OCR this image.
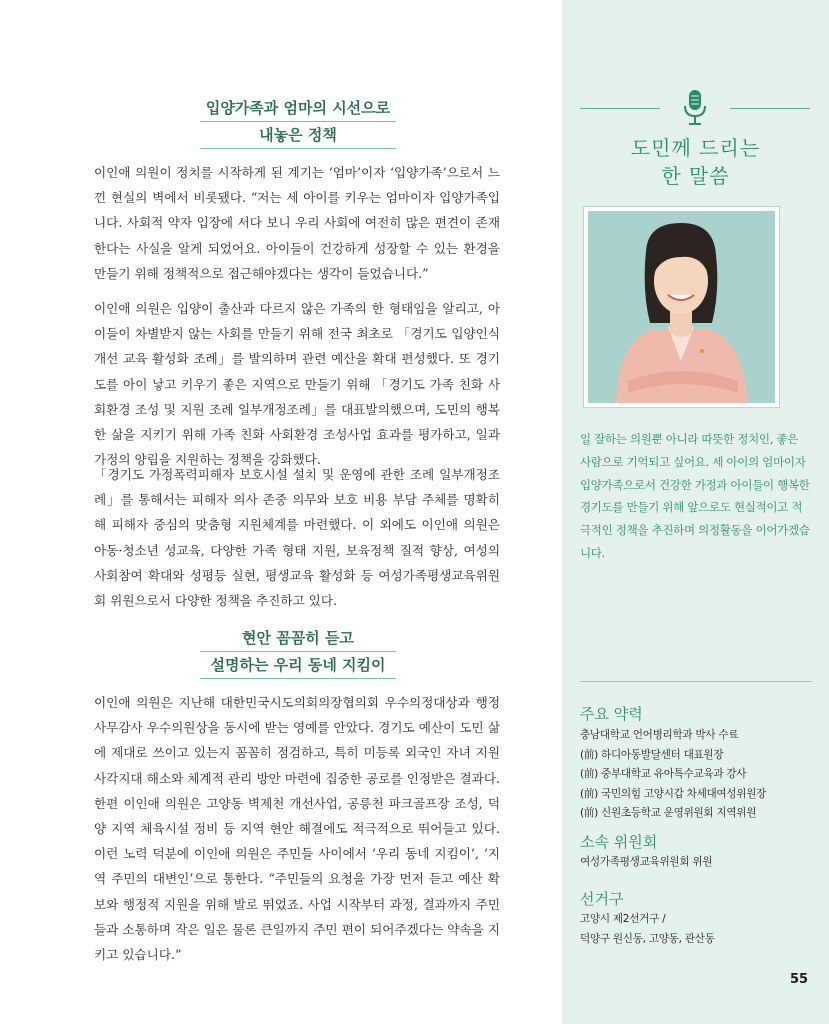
입양가족과 엄마의 시선으로
내놓은 정책

이인애 의원이 정치를 시작하게 된 계기는 ‘엄마’이자 ‘입양가족’으로서 느낀 현실의 벽에서 비롯됐다. “저는 세 아이를 키우는 엄마이자 입양가족입니다. 사회적 약자 입장에 서다 보니 우리 사회에 여전히 많은 편견이 존재한다는 사실을 알게 되었어요. 아이들이 건강하게 성장할 수 있는 환경을 만들기 위해 정책적으로 접근해야겠다는 생각이 들었습니다.”

이인애 의원은 입양이 출산과 다르지 않은 가족의 한 형태임을 알리고, 아이들이 차별받지 않는 사회를 만들기 위해 전국 최초로 「경기도 입양인식 개선 교육 활성화 조례」를 발의하며 관련 예산을 확대 편성했다. 또 경기도를 아이 낳고 키우기 좋은 지역으로 만들기 위해 「경기도 가족 친화 사회환경 조성 및 지원 조례 일부개정조례」를 대표발의했으며, 도민의 행복한 삶을 지키기 위해 가족 친화 사회환경 조성사업 효과를 평가하고, 일과 가정의 양립을 지원하는 정책을 강화했다.

「경기도 가정폭력피해자 보호시설 설치 및 운영에 관한 조례 일부개정조례」를 통해서는 피해자 의사 존중 의무와 보호 비용 부담 주체를 명확히 해 피해자 중심의 맞춤형 지원체계를 마련했다. 이 외에도 이인애 의원은 아동·청소년 성교육, 다양한 가족 형태 지원, 보육정책 질적 향상, 여성의 사회참여 확대와 성평등 실현, 평생교육 활성화 등 여성가족평생교육위원회 위원으로서 다양한 정책을 추진하고 있다.

현안 꼼꼼히 듣고
설명하는 우리 동네 지킴이

이인애 의원은 지난해 대한민국시도의회의장협의회 우수의정대상과 행정사무감사 우수의원상을 동시에 받는 영예를 안았다. 경기도 예산이 도민 삶에 제대로 쓰이고 있는지 꼼꼼히 점검하고, 특히 미등록 외국인 자녀 지원 사각지대 해소와 체계적 관리 방안 마련에 집중한 공로를 인정받은 결과다. 한편 이인애 의원은 고양동 벽제천 개선사업, 공릉천 파크골프장 조성, 덕양 지역 체육시설 정비 등 지역 현안 해결에도 적극적으로 뛰어들고 있다. 이런 노력 덕분에 이인애 의원은 주민들 사이에서 ‘우리 동네 지킴이’, ‘지역 주민의 대변인’으로 통한다. “주민들의 요청을 가장 먼저 듣고 예산 확보와 행정적 지원을 위해 발로 뛰었죠. 사업 시작부터 과정, 결과까지 주민들과 소통하며 작은 일은 물론 큰일까지 주민 편이 되어주겠다는 약속을 지키고 있습니다.”

도민께 드리는
한 말씀

일 잘하는 의원뿐 아니라 따뜻한 정치인, 좋은 사람으로 기억되고 싶어요. 세 아이의 엄마이자 입양가족으로서 건강한 가정과 아이들이 행복한 경기도를 만들기 위해 앞으로도 현실적이고 적극적인 정책을 추진하며 의정활동을 이어가겠습니다.

주요 약력
충남대학교 언어병리학과 박사 수료
(前) 하디아동발달센터 대표원장
(前) 중부대학교 유아특수교육과 강사
(前) 국민의힘 고양시갑 차세대여성위원장
(前) 신원초등학교 운영위원회 지역위원
소속 위원회
여성가족평생교육위원회 위원
선거구
고양시 제2선거구 /
덕양구 원신동, 고양동, 관산동
55
